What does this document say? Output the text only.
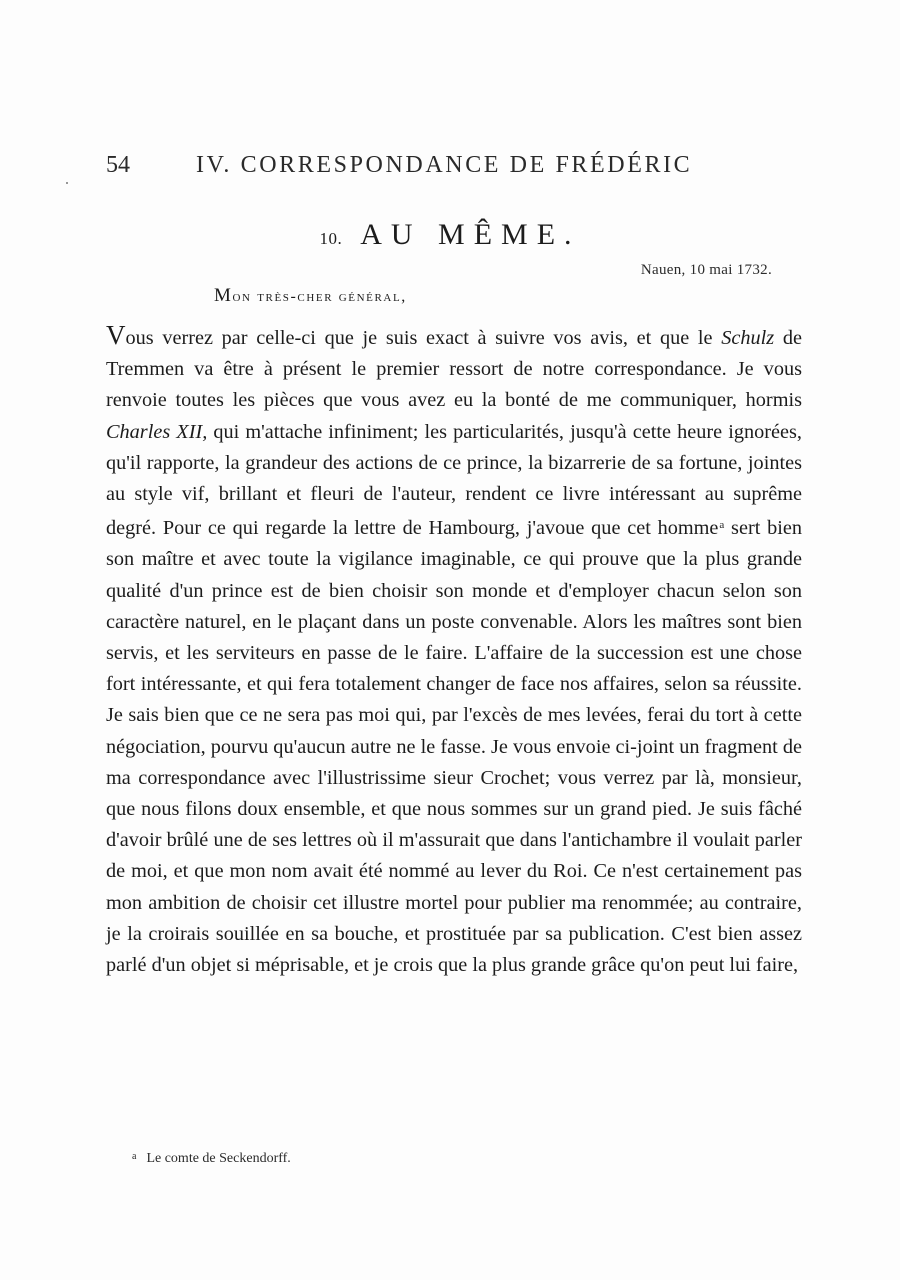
54	IV. CORRESPONDANCE DE FRÉDÉRIC
10. AU MÊME.
Nauen, 10 mai 1732.
Mon très-cher général,

Vous verrez par celle-ci que je suis exact à suivre vos avis, et que le Schulz de Tremmen va être à présent le premier ressort de notre correspondance. Je vous renvoie toutes les pièces que vous avez eu la bonté de me communiquer, hormis Charles XII, qui m'attache infiniment; les particularités, jusqu'à cette heure ignorées, qu'il rapporte, la grandeur des actions de ce prince, la bizarrerie de sa fortune, jointes au style vif, brillant et fleuri de l'auteur, rendent ce livre intéressant au suprême degré. Pour ce qui regarde la lettre de Hambourg, j'avoue que cet homme$^a$ sert bien son maître et avec toute la vigilance imaginable, ce qui prouve que la plus grande qualité d'un prince est de bien choisir son monde et d'employer chacun selon son caractère naturel, en le plaçant dans un poste convenable. Alors les maîtres sont bien servis, et les serviteurs en passe de le faire. L'affaire de la succession est une chose fort intéressante, et qui fera totalement changer de face nos affaires, selon sa réussite. Je sais bien que ce ne sera pas moi qui, par l'excès de mes levées, ferai du tort à cette négociation, pourvu qu'aucun autre ne le fasse. Je vous envoie ci-joint un fragment de ma correspondance avec l'illustrissime sieur Crochet; vous verrez par là, monsieur, que nous filons doux ensemble, et que nous sommes sur un grand pied. Je suis fâché d'avoir brûlé une de ses lettres où il m'assurait que dans l'antichambre il voulait parler de moi, et que mon nom avait été nommé au lever du Roi. Ce n'est certainement pas mon ambition de choisir cet illustre mortel pour publier ma renommée; au contraire, je la croirais souillée en sa bouche, et prostituée par sa publication. C'est bien assez parlé d'un objet si méprisable, et je crois que la plus grande grâce qu'on peut lui faire,

$^a$ Le comte de Seckendorff.
